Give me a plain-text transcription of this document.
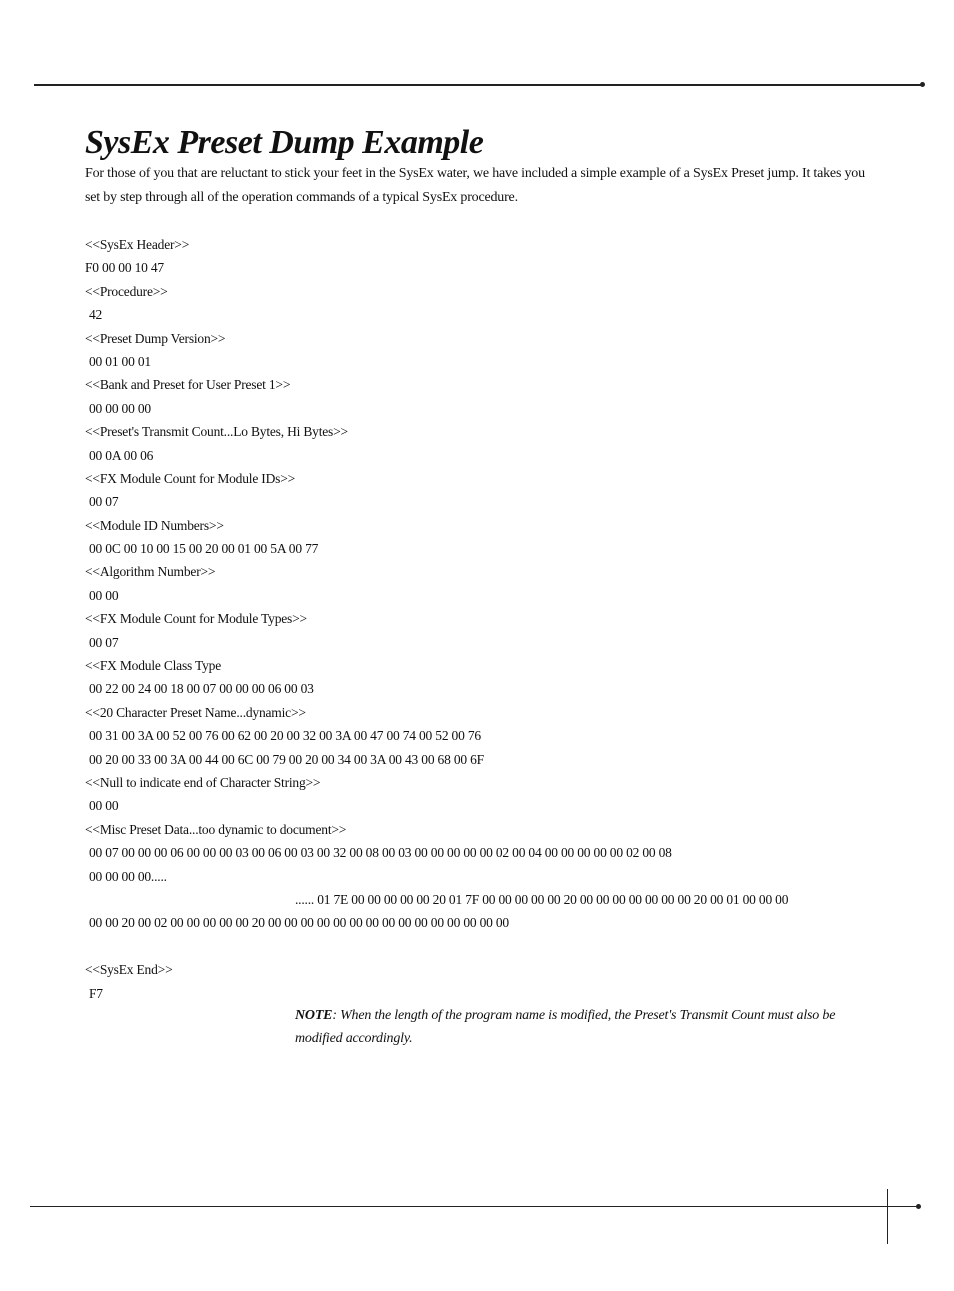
SysEx Preset Dump Example

For those of you that are reluctant to stick your feet in the SysEx water, we have included a simple example of a SysEx Preset jump. It takes you set by step through all of the operation commands of a typical SysEx procedure.

<<SysEx Header>>
F0 00 00 10 47
<<Procedure>>
42
<<Preset Dump Version>>
00 01 00 01
<<Bank and Preset for User Preset 1>>
00 00 00 00
<<Preset's Transmit Count...Lo Bytes, Hi Bytes>>
00 0A 00 06
<<FX Module Count for Module IDs>>
00 07
<<Module ID Numbers>>
00 0C 00 10 00 15 00 20 00 01 00 5A 00 77
<<Algorithm Number>>
00 00
<<FX Module Count for Module Types>>
00 07
<<FX Module Class Type
00 22 00 24 00 18 00 07 00 00 00 06 00 03
<<20 Character Preset Name...dynamic>>
00 31 00 3A 00 52 00 76 00 62 00 20 00 32 00 3A 00 47 00 74 00 52 00 76
00 20 00 33 00 3A 00 44 00 6C 00 79 00 20 00 34 00 3A 00 43 00 68 00 6F
<<Null to indicate end of Character String>>
00 00
<<Misc Preset Data...too dynamic to document>>
00 07 00 00 00 06 00 00 00 03 00 06 00 03 00 32 00 08 00 03 00 00 00 00 00 02 00 04 00 00 00 00 00 02 00 08
00 00 00 00.....
...... 01 7E 00 00 00 00 00 20 01 7F 00 00 00 00 00 20 00 00 00 00 00 00 00 20 00 01 00 00 00
00 00 20 00 02 00 00 00 00 00 20 00 00 00 00 00 00 00 00 00 00 00 00 00 00 00
<<SysEx End>>
F7

NOTE: When the length of the program name is modified, the Preset's Transmit Count must also be modified accordingly.
